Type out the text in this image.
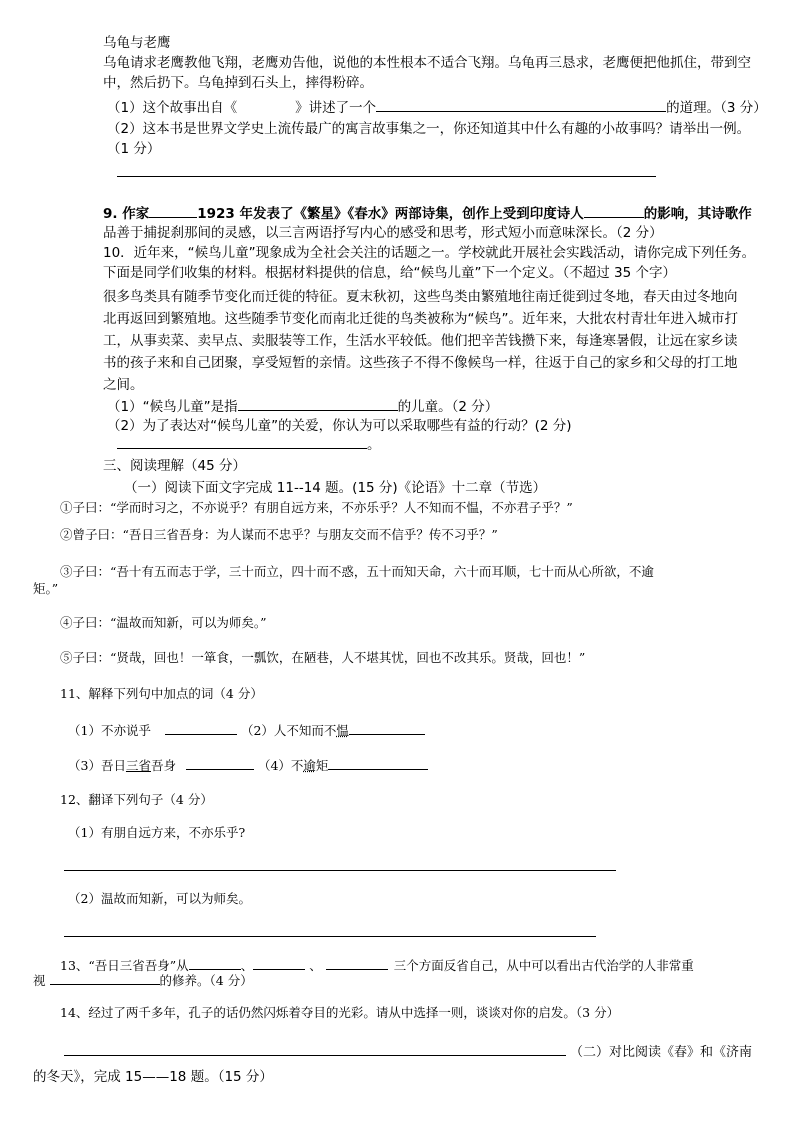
乌龟与老鹰
乌龟请求老鹰教他飞翔，老鹰劝告他，说他的本性根本不适合飞翔。乌龟再三恳求，老鹰便把他抓住，带到空
中，然后扔下。乌龟掉到石头上，摔得粉碎。
（1）这个故事出自《	》讲述了一个	的道理。（3 分）
（2）这本书是世界文学史上流传最广的寓言故事集之一，你还知道其中什么有趣的小故事吗？请举出一例。
（1 分）
9. 作家	1923 年发表了《繁星》《春水》两部诗集，创作上受到印度诗人	的影响，其诗歌作
品善于捕捉刹那间的灵感，以三言两语抒写内心的感受和思考，形式短小而意味深长。（2 分）
10．近年来，“候鸟儿童”现象成为全社会关注的话题之一。学校就此开展社会实践活动，请你完成下列任务。
下面是同学们收集的材料。根据材料提供的信息，给“候鸟儿童”下一个定义。（不超过 35 个字）
很多鸟类具有随季节变化而迁徙的特征。夏末秋初，这些鸟类由繁殖地往南迁徙到过冬地，春天由过冬地向
北再返回到繁殖地。这些随季节变化而南北迁徙的鸟类被称为“候鸟”。近年来，大批农村青壮年进入城市打
工，从事卖菜、卖早点、卖服装等工作，生活水平较低。他们把辛苦钱攒下来，每逢寒暑假，让远在家乡读
书的孩子来和自己团聚，享受短暂的亲情。这些孩子不得不像候鸟一样，往返于自己的家乡和父母的打工地
之间。
（1）“候鸟儿童”是指	的儿童。（2 分）
（2）为了表达对“候鸟儿童”的关爱，你认为可以采取哪些有益的行动？(2 分)
。
三、阅读理解（45 分）
（一）阅读下面文字完成 11--14 题。(15 分)《论语》十二章（节选）
①子曰：“学而时习之，不亦说乎？有朋自远方来，不亦乐乎？人不知而不愠，不亦君子乎？”
②曾子曰：“吾日三省吾身：为人谋而不忠乎？与朋友交而不信乎？传不习乎？”
③子曰：“吾十有五而志于学，三十而立，四十而不惑，五十而知天命，六十而耳顺，七十而从心所欲，不逾
矩。”
④子曰：“温故而知新，可以为师矣。”
⑤子曰：“贤哉，回也！一箪食，一瓢饮，在陋巷，人不堪其忧，回也不改其乐。贤哉，回也！”
11、解释下列句中加点的词（4 分）
（1）不亦说乎	（2）人不知而不愠
（3）吾日三省吾身	（4）不逾矩
12、翻译下列句子（4 分）
（1）有朋自远方来，不亦乐乎?
（2）温故而知新，可以为师矣。
13、“吾日三省吾身”从	、	、	三个方面反省自己，从中可以看出古代治学的人非常重
视	的修养。（4 分）
14、经过了两千多年，孔子的话仍然闪烁着夺目的光彩。请从中选择一则，谈谈对你的启发。（3 分）
（二）对比阅读《春》和《济南
的冬天》，完成 15——18 题。（15 分）
